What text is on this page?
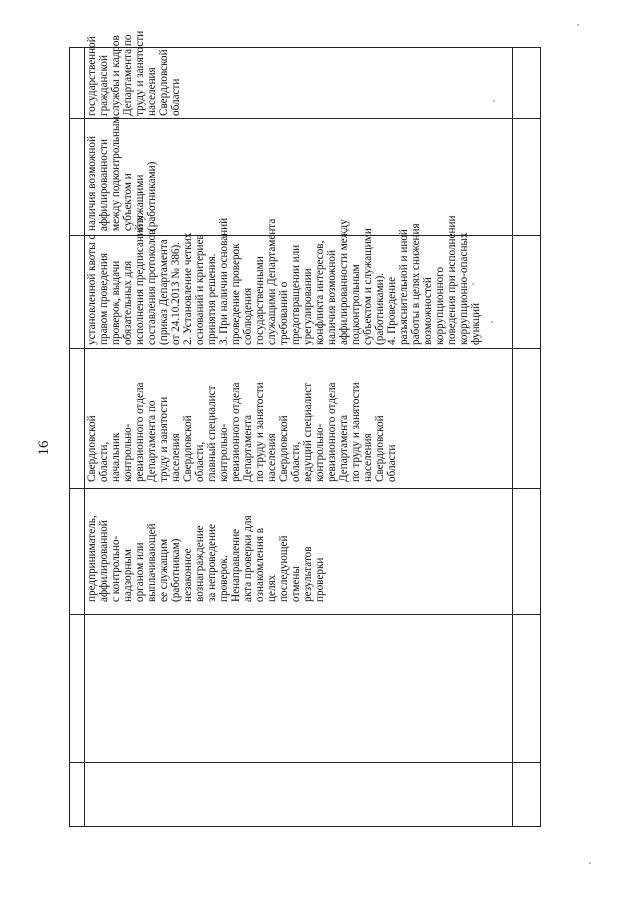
16
предприниматель, аффилированной с контрольно- надзорным органом или выплачивающей ее служащим (работникам) незаконное вознаграждение за непроведение проверок. Ненаправление акта проверки для ознакомления в целях последующей отмены результатов проверки
Свердловской области, начальник контрольно- ревизионного отдела Департамента по труду и занятости населения Свердловской области, главный специалист контрольно- ревизионного отдела Департамента по труду и занятости населения Свердловской области, ведущий специалист контрольно- ревизионного отдела Департамента по труду и занятости населения Свердловской области
установленной квоты с правом проведения проверок, выдачи обязательных для исполнения предписаний и составления протоколов (приказ Департамента от 24.10.2013 № 386). 2. Установление четких оснований и критериев принятия решения. 3. При наличии оснований проведение проверок соблюдения государственными служащими Департамента требований о предотвращении или урегулировании конфликта интересов, наличия возможной аффилированности между подконтрольным субъектом и служащими (работниками). 4. Проведение разъяснительной и иной работы в целях снижения возможностей коррупционного поведения при исполнении коррупционно-опасных функций
наличия возможной аффилированности между подконтрольным субъектом и служащими (работниками)
государственной гражданской службы и кадров Департамента по труду и занятости населения Свердловской области
